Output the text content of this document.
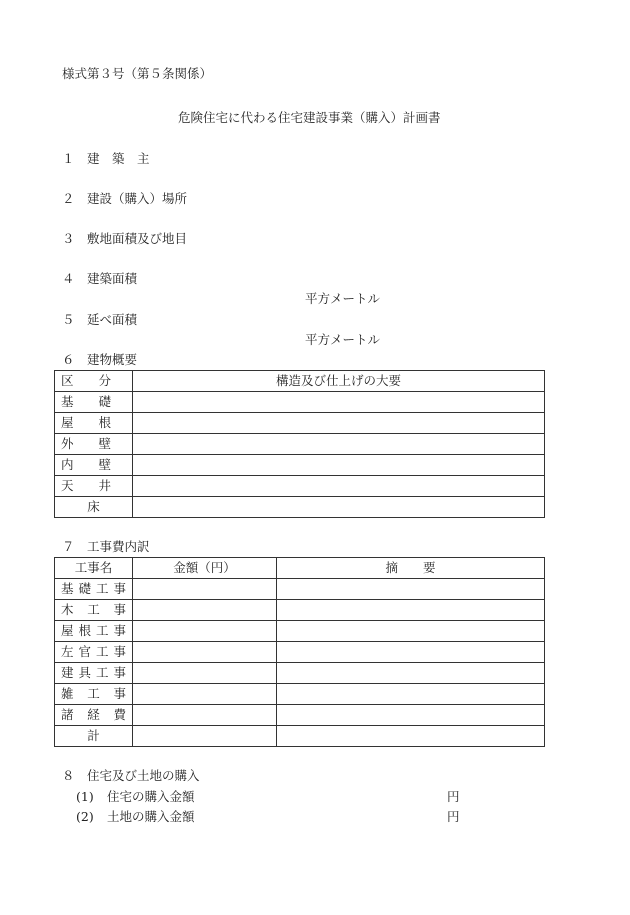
様式第３号（第５条関係）
危険住宅に代わる住宅建設事業（購入）計画書
１　建　築　主
２　建設（購入）場所
３　敷地面積及び地目
４　建築面積
平方メートル
５　延べ面積
平方メートル
６　建物概要
区　　分	構造及び仕上げの大要
基　　礎	
屋　　根	
外　　壁	
内　　壁	
天　　井	
床	
７　工事費内訳
工事名	金額（円）	摘　　要
基礎工事		
木工事		
屋根工事		
左官工事		
建具工事		
雑工事		
諸経費		
計		
８　住宅及び土地の購入
(1) 住宅の購入金額	円
(2) 土地の購入金額	円
